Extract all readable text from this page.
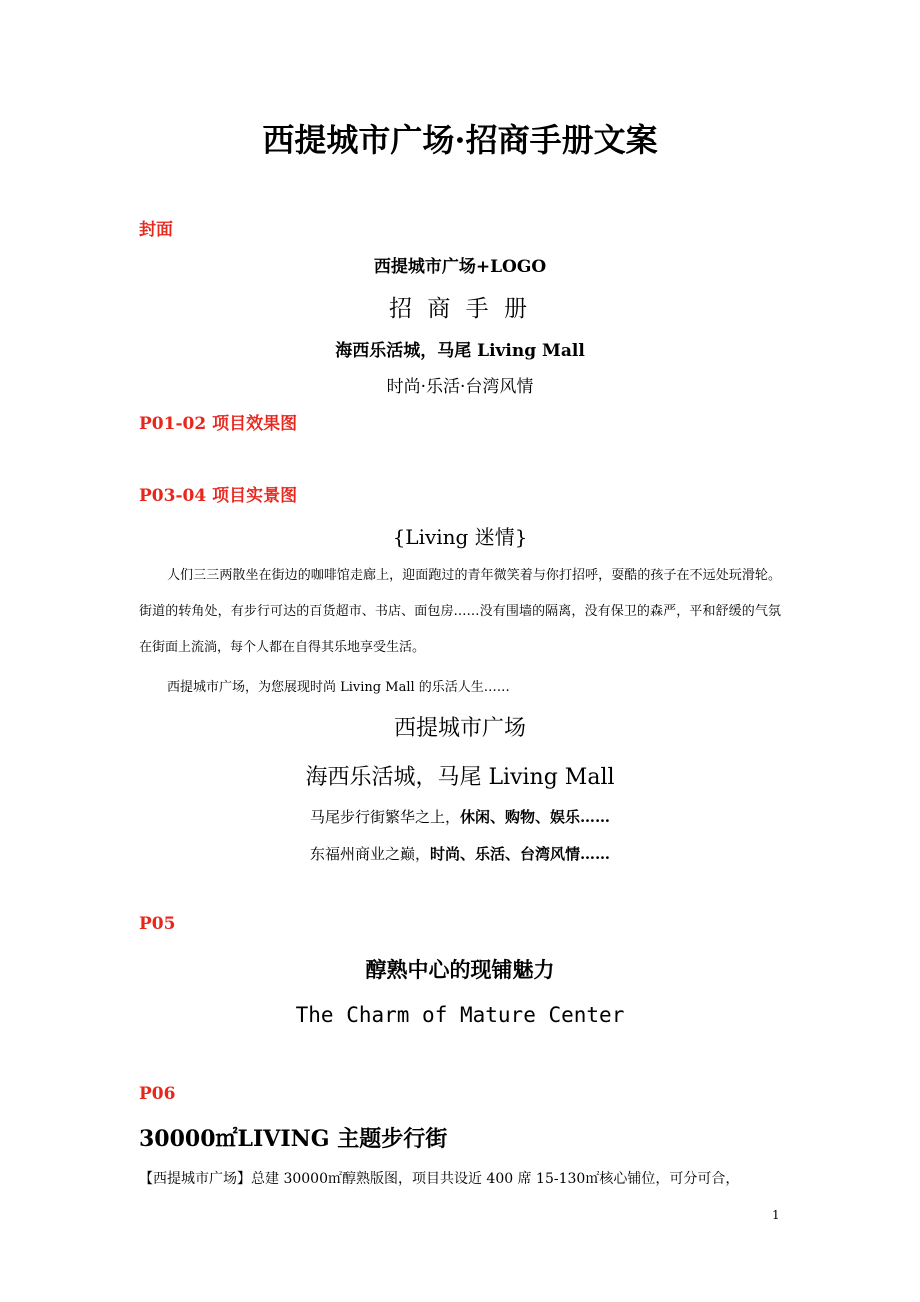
西提城市广场·招商手册文案
封面
西提城市广场+LOGO
招 商 手 册
海西乐活城，马尾 Living Mall
时尚·乐活·台湾风情
P01-02 项目效果图
P03-04 项目实景图
{Living 迷情}
人们三三两散坐在街边的咖啡馆走廊上，迎面跑过的青年微笑着与你打招呼，耍酷的孩子在不远处玩滑轮。街道的转角处，有步行可达的百货超市、书店、面包房……没有围墙的隔离，没有保卫的森严，平和舒缓的气氛在街面上流淌，每个人都在自得其乐地享受生活。
西提城市广场，为您展现时尚 Living Mall 的乐活人生……
西提城市广场
海西乐活城，马尾 Living Mall
马尾步行街繁华之上，休闲、购物、娱乐……
东福州商业之巅，时尚、乐活、台湾风情……
P05
醇熟中心的现铺魅力
The Charm of Mature Center
P06
30000㎡LIVING 主题步行街
【西提城市广场】总建 30000㎡醇熟版图，项目共设近 400 席 15-130㎡核心铺位，可分可合，
1
